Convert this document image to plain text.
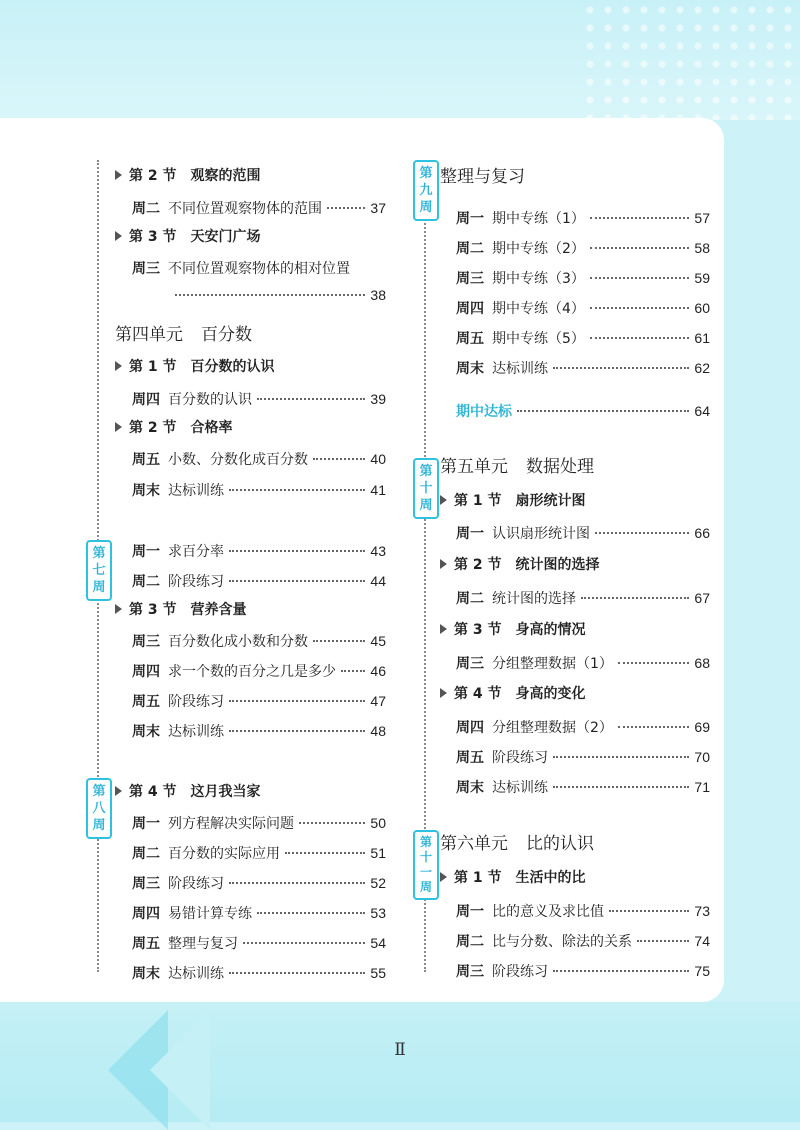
第 2 节 观察的范围
周二 不同位置观察物体的范围	37
第 3 节 天安门广场
周三 不同位置观察物体的相对位置
38
第四单元 百分数
第 1 节 百分数的认识
周四 百分数的认识	39
第 2 节 合格率
周五 小数、分数化成百分数	40
周末 达标训练	41
第
七
周
周一 求百分率	43
周二 阶段练习	44
第 3 节 营养含量
周三 百分数化成小数和分数	45
周四 求一个数的百分之几是多少 46
周五 阶段练习	47
周末 达标训练	48
第
八
周
第 4 节 这月我当家
周一 列方程解决实际问题	50
周二 百分数的实际应用	51
周三 阶段练习	52
周四 易错计算专练	53
周五 整理与复习	54
周末 达标训练	55
第
九
周
整理与复习
周一 期中专练（1）	57
周二 期中专练（2）	58
周三 期中专练（3）	59
周四 期中专练（4）	60
周五 期中专练（5）	61
周末 达标训练	62
期中达标	64
第
十
周
第五单元 数据处理
第 1 节 扇形统计图
周一 认识扇形统计图	66
第 2 节 统计图的选择
周二 统计图的选择	67
第 3 节 身高的情况
周三 分组整理数据（1）	68
第 4 节 身高的变化
周四 分组整理数据（2）	69
周五 阶段练习	70
周末 达标训练	71
第
十
一
周
第六单元 比的认识
第 1 节 生活中的比
周一 比的意义及求比值	73
周二 比与分数、除法的关系	74
周三 阶段练习	75
Ⅱ
